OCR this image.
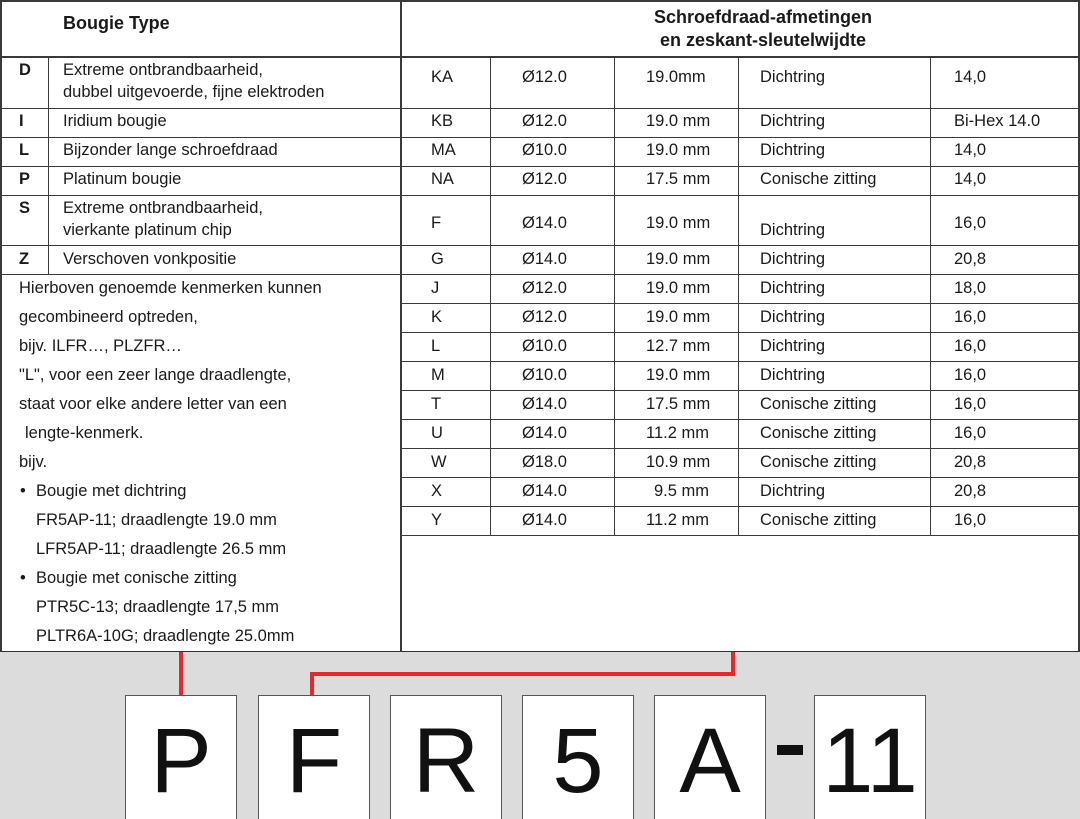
Bougie Type	Schroefdraad-afmetingen
en zeskant-sleutelwijdte
D Extreme ontbrandbaarheid,
dubbel uitgevoerde, fijne elektroden
I Iridium bougie
L Bijzonder lange schroefdraad
P Platinum bougie
S Extreme ontbrandbaarheid,
vierkante platinum chip
Z Verschoven vonkpositie
Hierboven genoemde kenmerken kunnen
gecombineerd optreden,
bijv. ILFR…, PLZFR…
"L", voor een zeer lange draadlengte,
staat voor elke andere letter van een
lengte-kenmerk.
bijv.
• Bougie met dichtring
FR5AP-11; draadlengte 19.0 mm
LFR5AP-11; draadlengte 26.5 mm
• Bougie met conische zitting
PTR5C-13; draadlengte 17,5 mm
PLTR6A-10G; draadlengte 25.0mm
KA	Ø12.0	19.0mm	Dichtring	14,0
KB	Ø12.0	19.0 mm	Dichtring	Bi-Hex 14.0
MA	Ø10.0	19.0 mm	Dichtring	14,0
NA	Ø12.0	17.5 mm	Conische zitting	14,0
F	Ø14.0	19.0 mm	Dichtring	16,0
G	Ø14.0	19.0 mm	Dichtring	20,8
J	Ø12.0	19.0 mm	Dichtring	18,0
K	Ø12.0	19.0 mm	Dichtring	16,0
L	Ø10.0	12.7 mm	Dichtring	16,0
M	Ø10.0	19.0 mm	Dichtring	16,0
T	Ø14.0	17.5 mm	Conische zitting	16,0
U	Ø14.0	11.2 mm	Conische zitting	16,0
W	Ø18.0	10.9 mm	Conische zitting	20,8
X	Ø14.0	9.5 mm	Dichtring	20,8
Y	Ø14.0	11.2 mm	Conische zitting	16,0
P F R 5 A 11
